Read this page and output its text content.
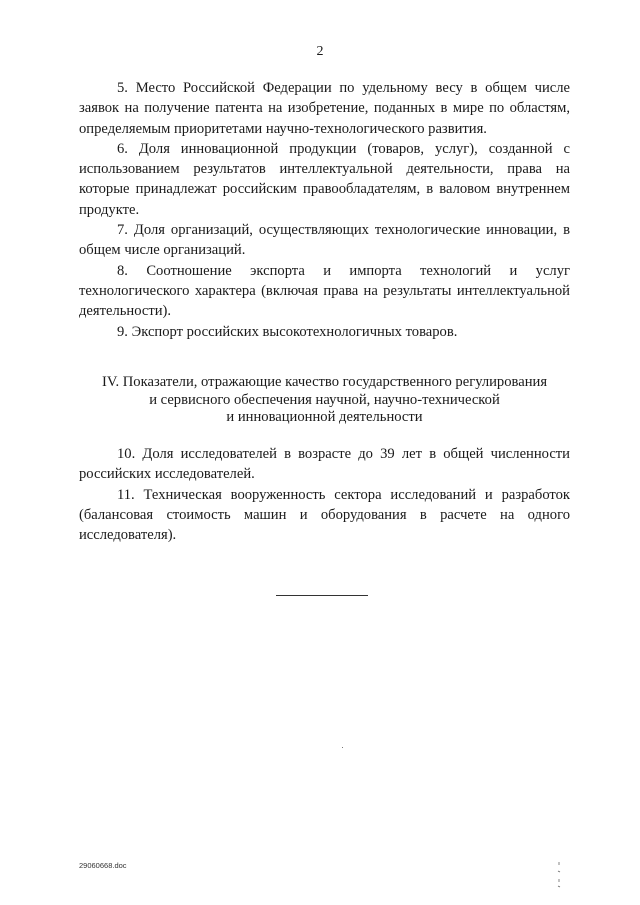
2

5. Место Российской Федерации по удельному весу в общем числе заявок на получение патента на изобретение, поданных в мире по областям, определяемым приоритетами научно-технологического развития.

6. Доля инновационной продукции (товаров, услуг), созданной с использованием результатов интеллектуальной деятельности, права на которые принадлежат российским правообладателям, в валовом внутреннем продукте.

7. Доля организаций, осуществляющих технологические инновации, в общем числе организаций.

8. Соотношение экспорта и импорта технологий и услуг технологического характера (включая права на результаты интеллектуальной деятельности).

9. Экспорт российских высокотехнологичных товаров.

IV. Показатели, отражающие качество государственного регулирования
и сервисного обеспечения научной, научно-технической
и инновационной деятельности

10. Доля исследователей в возрасте до 39 лет в общей численности российских исследователей.

11. Техническая вооруженность сектора исследований и разработок (балансовая стоимость машин и оборудования в расчете на одного исследователя).

29060668.doc
